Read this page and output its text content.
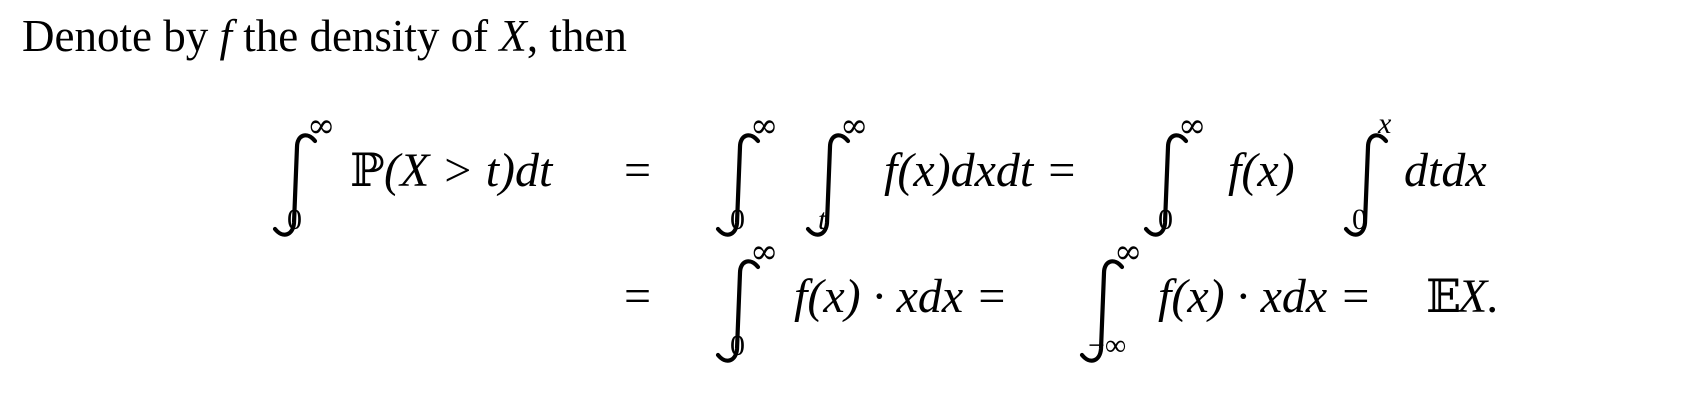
Denote by f the density of X, then
∞
0
ℙ (X > t)dt =
∞
0
∞
t
f(x)dxdt =
∞
0
f(x)
x
0
dtdx
=
∞
0
f(x) · xdx =
∞
−∞
f(x) · xdx = 𝔼
X.
